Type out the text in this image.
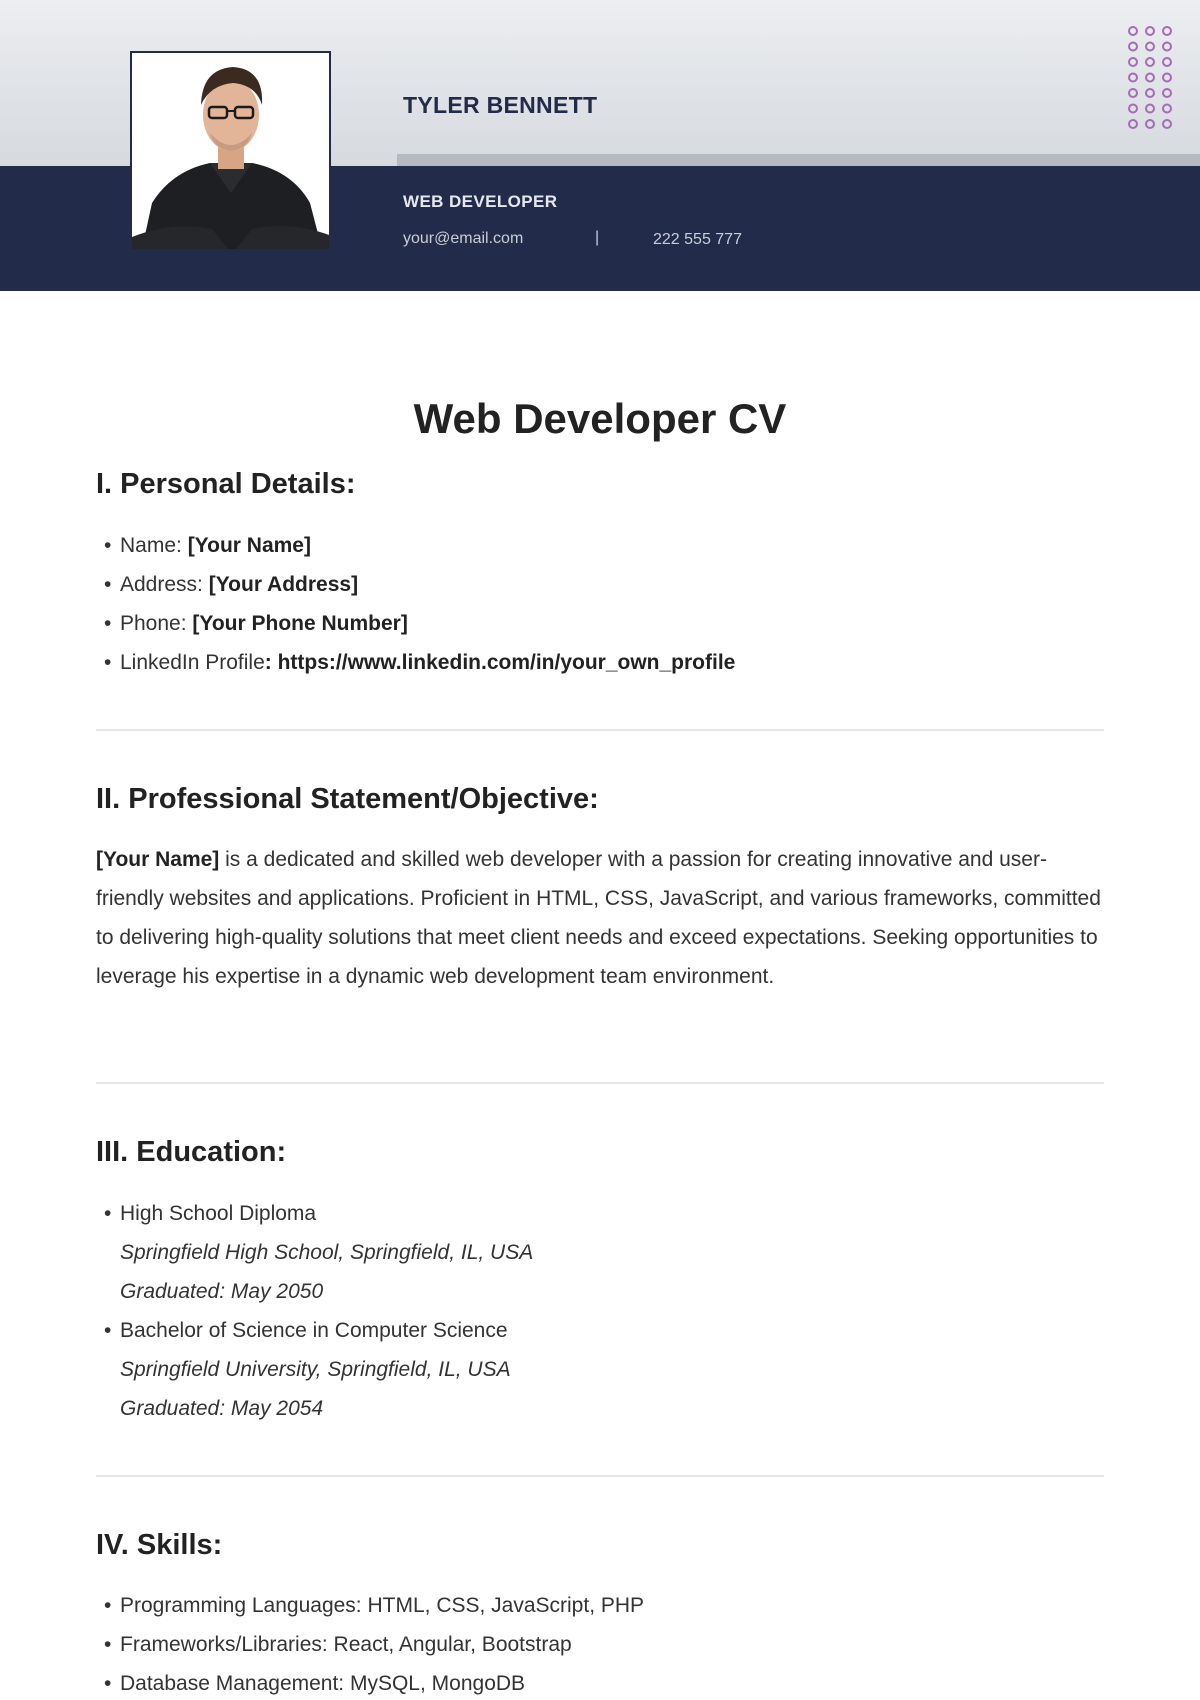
TYLER BENNETT
WEB DEVELOPER
your@email.com	|	222 555 777
Web Developer CV
I. Personal Details:
• Name: [Your Name]
• Address: [Your Address]
• Phone: [Your Phone Number]
• LinkedIn Profile: https://www.linkedin.com/in/your_own_profile
II. Professional Statement/Objective:

[Your Name] is a dedicated and skilled web developer with a passion for creating innovative and user-friendly websites and applications. Proficient in HTML, CSS, JavaScript, and various frameworks, committed to delivering high-quality solutions that meet client needs and exceed expectations. Seeking opportunities to leverage his expertise in a dynamic web development team environment.

III. Education:
• High School Diploma
Springfield High School, Springfield, IL, USA
Graduated: May 2050
• Bachelor of Science in Computer Science
Springfield University, Springfield, IL, USA
Graduated: May 2054
IV. Skills:
• Programming Languages: HTML, CSS, JavaScript, PHP
• Frameworks/Libraries: React, Angular, Bootstrap
• Database Management: MySQL, MongoDB
